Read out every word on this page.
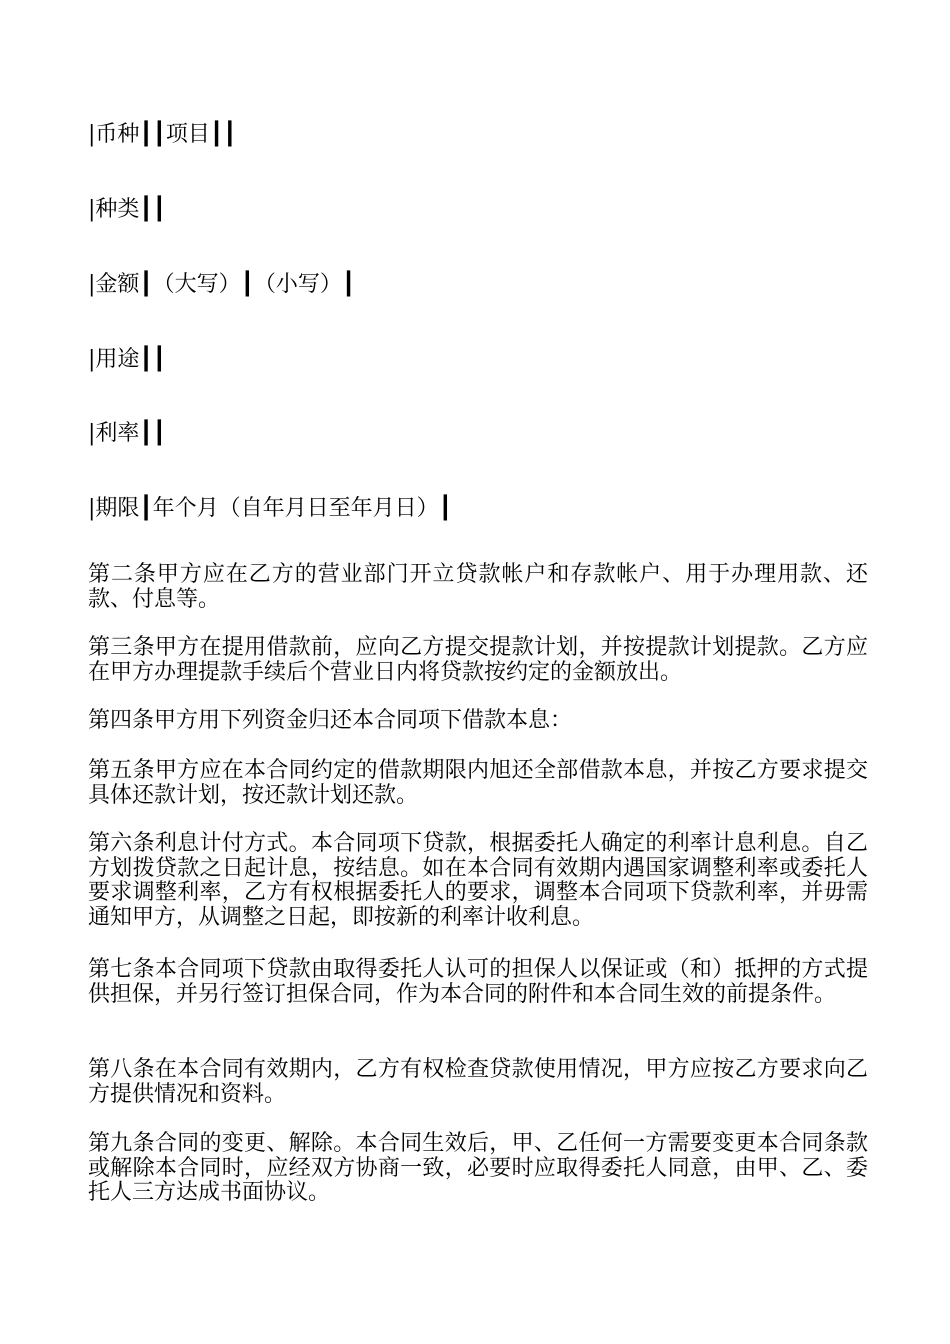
|币种┃┃项目┃┃
|种类┃┃
|金额┃（大写）┃（小写）┃
|用途┃┃
|利率┃┃
|期限┃年个月（自年月日至年月日）┃

第二条甲方应在乙方的营业部门开立贷款帐户和存款帐户、用于办理用款、还款、付息等。

第三条甲方在提用借款前，应向乙方提交提款计划，并按提款计划提款。乙方应在甲方办理提款手续后个营业日内将贷款按约定的金额放出。

第四条甲方用下列资金归还本合同项下借款本息：

第五条甲方应在本合同约定的借款期限内旭还全部借款本息，并按乙方要求提交具体还款计划，按还款计划还款。

第六条利息计付方式。本合同项下贷款，根据委托人确定的利率计息利息。自乙方划拨贷款之日起计息，按结息。如在本合同有效期内遇国家调整利率或委托人要求调整利率，乙方有权根据委托人的要求，调整本合同项下贷款利率，并毋需通知甲方，从调整之日起，即按新的利率计收利息。

第七条本合同项下贷款由取得委托人认可的担保人以保证或（和）抵押的方式提供担保，并另行签订担保合同，作为本合同的附件和本合同生效的前提条件。

第八条在本合同有效期内，乙方有权检查贷款使用情况，甲方应按乙方要求向乙方提供情况和资料。

第九条合同的变更、解除。本合同生效后，甲、乙任何一方需要变更本合同条款或解除本合同时，应经双方协商一致，必要时应取得委托人同意，由甲、乙、委托人三方达成书面协议。
